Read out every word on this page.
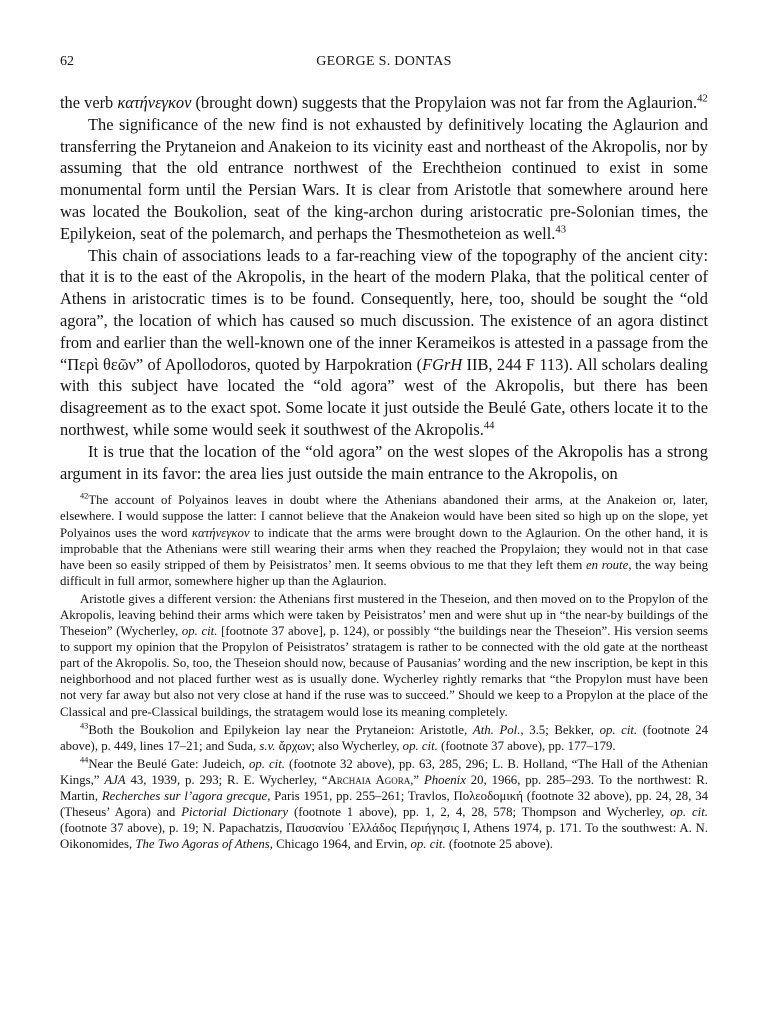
62	GEORGE S. DONTAS

the verb κατήνεγκον (brought down) suggests that the Propylaion was not far from the Aglaurion.$^{42}$

The significance of the new find is not exhausted by definitively locating the Aglaurion and transferring the Prytaneion and Anakeion to its vicinity east and northeast of the Akropolis, nor by assuming that the old entrance northwest of the Erechtheion continued to exist in some monumental form until the Persian Wars. It is clear from Aristotle that somewhere around here was located the Boukolion, seat of the king-archon during aristocratic pre-Solonian times, the Epilykeion, seat of the polemarch, and perhaps the Thesmotheteion as well.$^{43}$

This chain of associations leads to a far-reaching view of the topography of the ancient city: that it is to the east of the Akropolis, in the heart of the modern Plaka, that the political center of Athens in aristocratic times is to be found. Consequently, here, too, should be sought the “old agora”, the location of which has caused so much discussion. The existence of an agora distinct from and earlier than the well-known one of the inner Kerameikos is attested in a passage from the “Περὶ θεῶν” of Apollodoros, quoted by Harpokration (FGrH IIB, 244 F 113). All scholars dealing with this subject have located the “old agora” west of the Akropolis, but there has been disagreement as to the exact spot. Some locate it just outside the Beulé Gate, others locate it to the northwest, while some would seek it southwest of the Akropolis.$^{44}$

It is true that the location of the “old agora” on the west slopes of the Akropolis has a strong argument in its favor: the area lies just outside the main entrance to the Akropolis, on

$^{42}$The account of Polyainos leaves in doubt where the Athenians abandoned their arms, at the Anakeion or, later, elsewhere. I would suppose the latter: I cannot believe that the Anakeion would have been sited so high up on the slope, yet Polyainos uses the word κατήνεγκον to indicate that the arms were brought down to the Aglaurion. On the other hand, it is improbable that the Athenians were still wearing their arms when they reached the Propylaion; they would not in that case have been so easily stripped of them by Peisistratos’ men. It seems obvious to me that they left them en route, the way being difficult in full armor, somewhere higher up than the Aglaurion.

Aristotle gives a different version: the Athenians first mustered in the Theseion, and then moved on to the Propylon of the Akropolis, leaving behind their arms which were taken by Peisistratos’ men and were shut up in “the near-by buildings of the Theseion” (Wycherley, op. cit. [footnote 37 above], p. 124), or possibly “the buildings near the Theseion”. His version seems to support my opinion that the Propylon of Peisistratos’ stratagem is rather to be connected with the old gate at the northeast part of the Akropolis. So, too, the Theseion should now, because of Pausanias’ wording and the new inscription, be kept in this neighborhood and not placed further west as is usually done. Wycherley rightly remarks that “the Propylon must have been not very far away but also not very close at hand if the ruse was to succeed.” Should we keep to a Propylon at the place of the Classical and pre-Classical buildings, the stratagem would lose its meaning completely.

$^{43}$Both the Boukolion and Epilykeion lay near the Prytaneion: Aristotle, Ath. Pol., 3.5; Bekker, op. cit. (footnote 24 above), p. 449, lines 17–21; and Suda, s.v. ἄρχων; also Wycherley, op. cit. (footnote 37 above), pp. 177–179.

$^{44}$Near the Beulé Gate: Judeich, op. cit. (footnote 32 above), pp. 63, 285, 296; L. B. Holland, “The Hall of the Athenian Kings,” AJA 43, 1939, p. 293; R. E. Wycherley, “Archaia Agora,” Phoenix 20, 1966, pp. 285–293. To the northwest: R. Martin, Recherches sur l’agora grecque, Paris 1951, pp. 255–261; Travlos, Πολεοδομική (footnote 32 above), pp. 24, 28, 34 (Theseus’ Agora) and Pictorial Dictionary (footnote 1 above), pp. 1, 2, 4, 28, 578; Thompson and Wycherley, op. cit. (footnote 37 above), p. 19; N. Papachatzis, Παυσανίου ῾Ελλάδος Περιήγησις I, Athens 1974, p. 171. To the southwest: A. N. Oikonomides, The Two Agoras of Athens, Chicago 1964, and Ervin, op. cit. (footnote 25 above).
